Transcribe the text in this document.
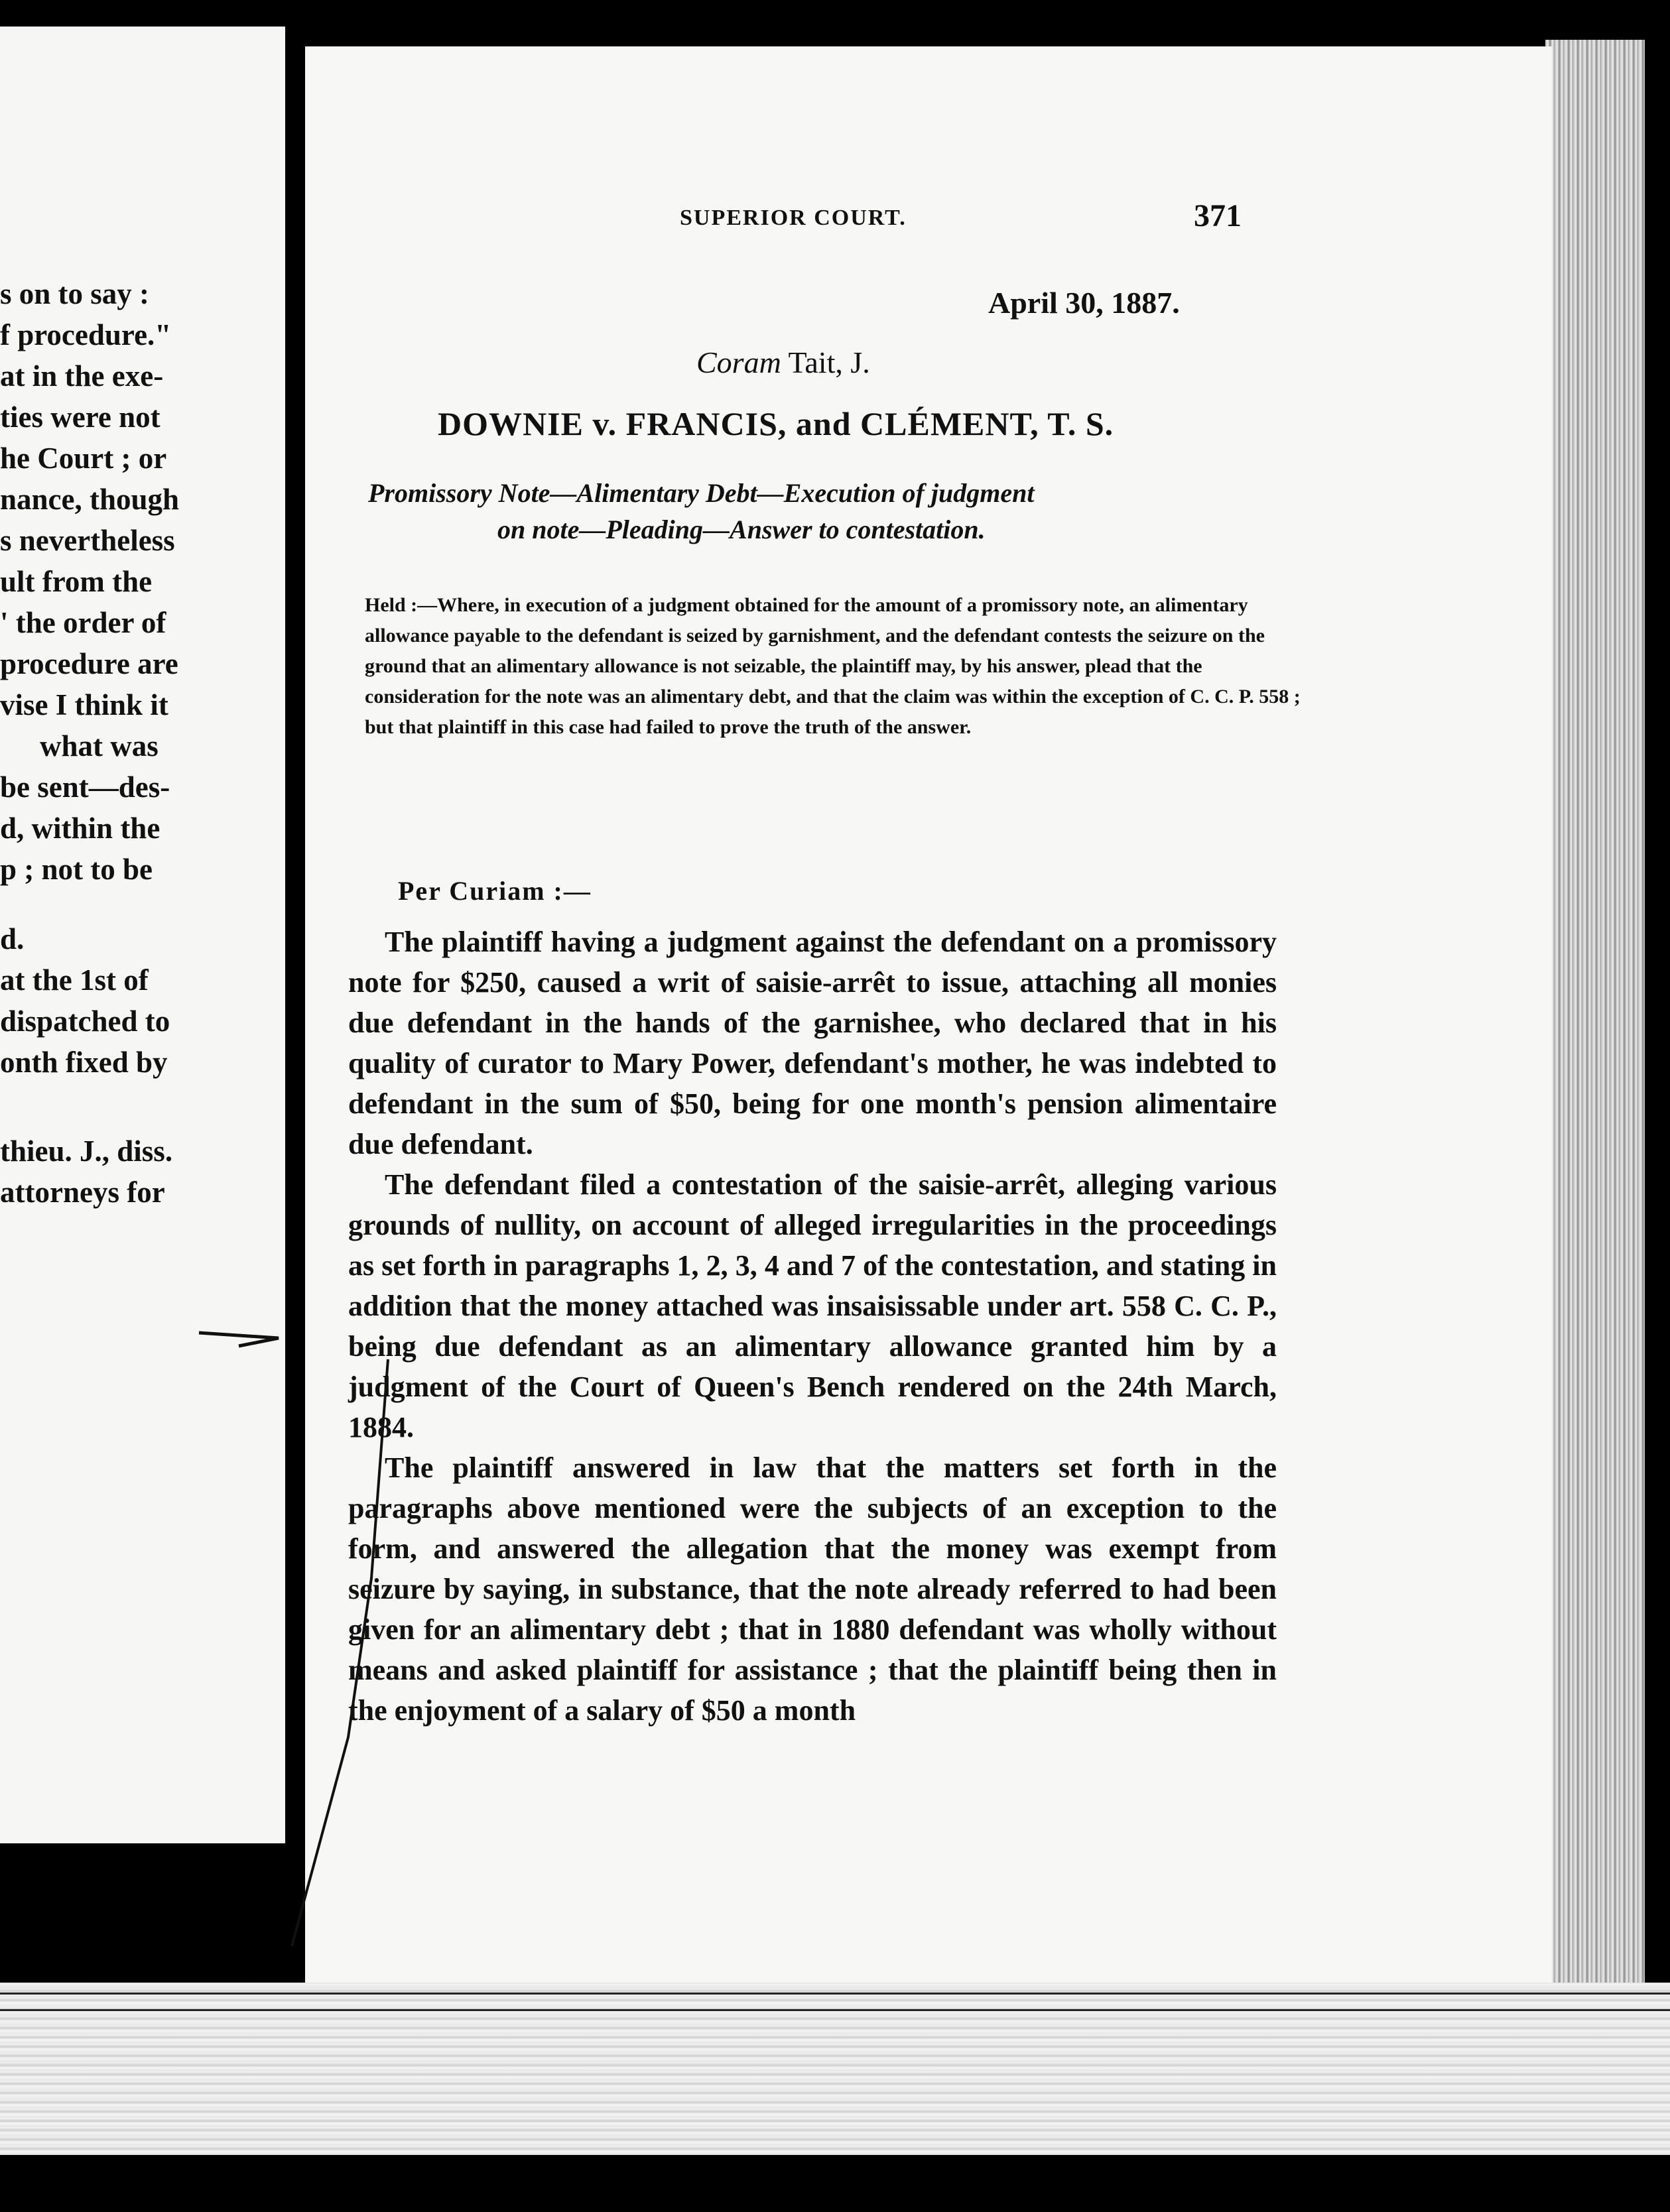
s on to say :
f procedure."
at in the exe-
ties were not
he Court ; or
nance, though
s nevertheless
ult from the
' the order of
procedure are
vise I think it
what was
be sent—des-
d, within the
p ; not to be
d.
at the 1st of
dispatched to
onth fixed by
thieu. J., diss.
attorneys for
SUPERIOR COURT.	371
April 30, 1887.
Coram Tait, J.
DOWNIE v. FRANCIS, and CLÉMENT, T. S.
Promissory Note—Alimentary Debt—Execution of judgment
on note—Pleading—Answer to contestation.

Held :—Where, in execution of a judgment obtained for the amount of a promissory note, an alimentary allowance payable to the defendant is seized by garnishment, and the defendant contests the seizure on the ground that an alimentary allowance is not seizable, the plaintiff may, by his answer, plead that the consideration for the note was an alimentary debt, and that the claim was within the exception of C. C. P. 558 ; but that plaintiff in this case had failed to prove the truth of the answer.

Per Curiam :—

The plaintiff having a judgment against the defendant on a promissory note for $250, caused a writ of saisie-arrêt to issue, attaching all monies due defendant in the hands of the garnishee, who declared that in his quality of curator to Mary Power, defendant's mother, he was indebted to defendant in the sum of $50, being for one month's pension alimentaire due defendant.

The defendant filed a contestation of the saisie-arrêt, alleging various grounds of nullity, on account of alleged irregularities in the proceedings as set forth in paragraphs 1, 2, 3, 4 and 7 of the contestation, and stating in addition that the money attached was insaisissable under art. 558 C. C. P., being due defendant as an alimentary allowance granted him by a judgment of the Court of Queen's Bench rendered on the 24th March, 1884.

The plaintiff answered in law that the matters set forth in the paragraphs above mentioned were the subjects of an exception to the form, and answered the allegation that the money was exempt from seizure by saying, in substance, that the note already referred to had been given for an alimentary debt ; that in 1880 defendant was wholly without means and asked plaintiff for assistance ; that the plaintiff being then in the enjoyment of a salary of $50 a month
